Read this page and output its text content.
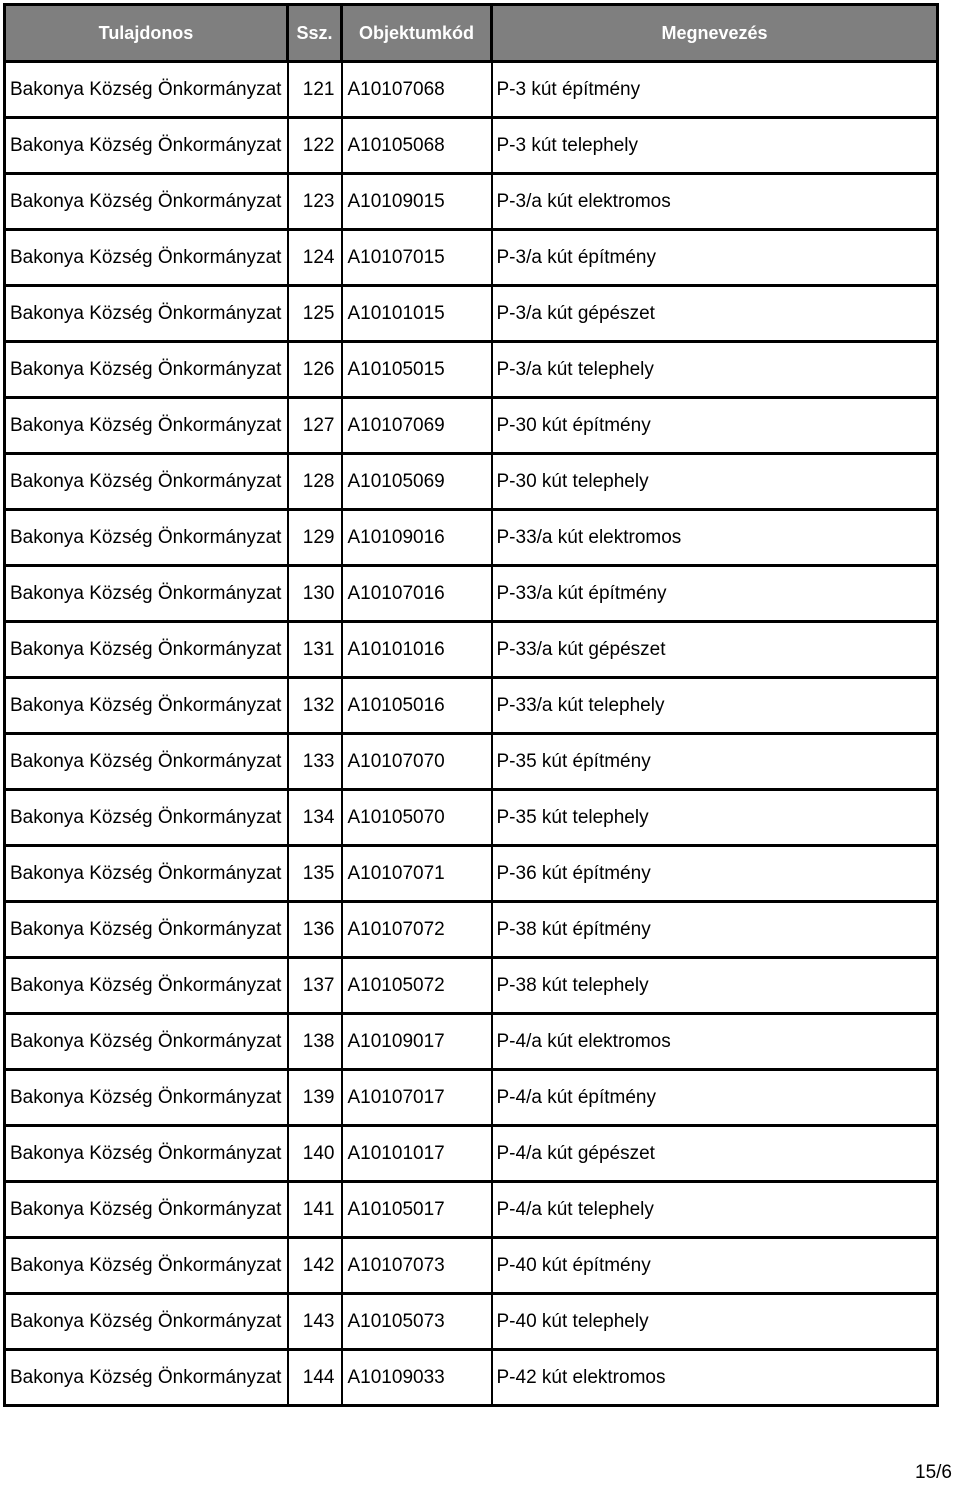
Tulajdonos	Ssz.	Objektumkód	Megnevezés
Bakonya Község Önkormányzat	121	A10107068	P-3 kút építmény
Bakonya Község Önkormányzat	122	A10105068	P-3 kút telephely
Bakonya Község Önkormányzat	123	A10109015	P-3/a kút elektromos
Bakonya Község Önkormányzat	124	A10107015	P-3/a kút építmény
Bakonya Község Önkormányzat	125	A10101015	P-3/a kút gépészet
Bakonya Község Önkormányzat	126	A10105015	P-3/a kút telephely
Bakonya Község Önkormányzat	127	A10107069	P-30 kút építmény
Bakonya Község Önkormányzat	128	A10105069	P-30 kút telephely
Bakonya Község Önkormányzat	129	A10109016	P-33/a kút elektromos
Bakonya Község Önkormányzat	130	A10107016	P-33/a kút építmény
Bakonya Község Önkormányzat	131	A10101016	P-33/a kút gépészet
Bakonya Község Önkormányzat	132	A10105016	P-33/a kút telephely
Bakonya Község Önkormányzat	133	A10107070	P-35 kút építmény
Bakonya Község Önkormányzat	134	A10105070	P-35 kút telephely
Bakonya Község Önkormányzat	135	A10107071	P-36 kút építmény
Bakonya Község Önkormányzat	136	A10107072	P-38 kút építmény
Bakonya Község Önkormányzat	137	A10105072	P-38 kút telephely
Bakonya Község Önkormányzat	138	A10109017	P-4/a kút elektromos
Bakonya Község Önkormányzat	139	A10107017	P-4/a kút építmény
Bakonya Község Önkormányzat	140	A10101017	P-4/a kút gépészet
Bakonya Község Önkormányzat	141	A10105017	P-4/a kút telephely
Bakonya Község Önkormányzat	142	A10107073	P-40 kút építmény
Bakonya Község Önkormányzat	143	A10105073	P-40 kút telephely
Bakonya Község Önkormányzat	144	A10109033	P-42 kút elektromos
15/6
